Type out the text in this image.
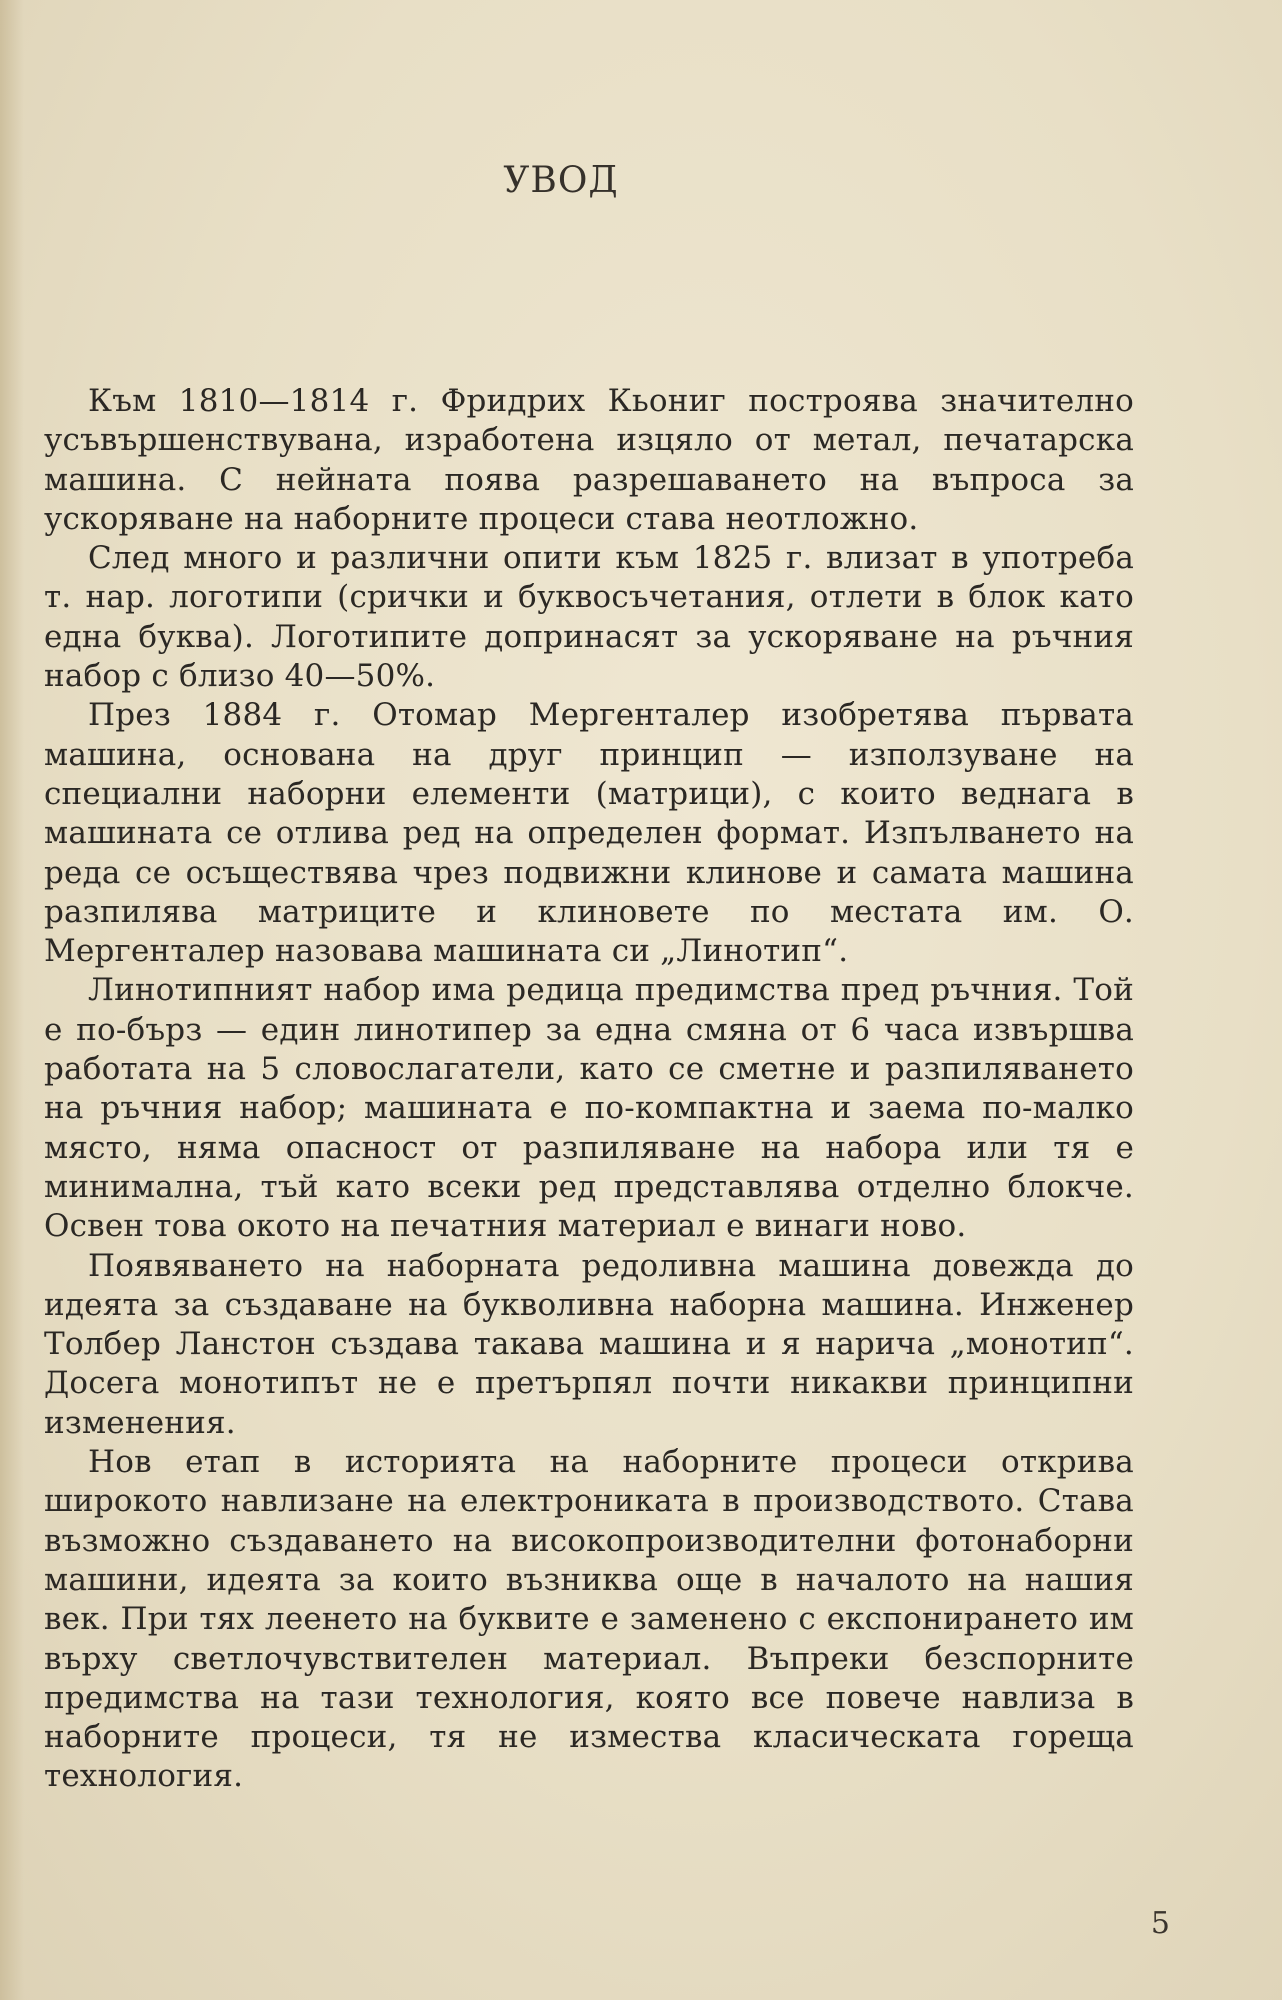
УВОД

Към 1810—1814 г. Фридрих Кьониг построява значително усъвършенствувана, изработена изцяло от метал, печатарска машина. С нейната поява разрешаването на въпроса за ускоряване на наборните процеси става неотложно.

След много и различни опити към 1825 г. влизат в употреба т. нар. логотипи (срички и буквосъчетания, отлети в блок като една буква). Логотипите допринасят за ускоряване на ръчния набор с близо 40—50%.

През 1884 г. Отомар Мергенталер изобретява първата машина, основана на друг принцип — използуване на специални наборни елементи (матрици), с които веднага в машината се отлива ред на определен формат. Изпълването на реда се осъществява чрез подвижни клинове и самата машина разпилява матриците и клиновете по местата им. О. Мергенталер назовава машината си „Линотип“.

Линотипният набор има редица предимства пред ръчния. Той е по-бърз — един линотипер за една смяна от 6 часа извършва работата на 5 словослагатели, като се сметне и разпиляването на ръчния набор; машината е по-компактна и заема по-малко място, няма опасност от разпиляване на набора или тя е минимална, тъй като всеки ред представлява отделно блокче. Освен това окото на печатния материал е винаги ново.

Появяването на наборната редоливна машина довежда до идеята за създаване на букволивна наборна машина. Инженер Толбер Ланстон създава такава машина и я нарича „монотип“. Досега монотипът не е претърпял почти никакви принципни изменения.

Нов етап в историята на наборните процеси открива широкото навлизане на електрониката в производството. Става възможно създаването на високопроизводителни фотонаборни машини, идеята за които възниква още в началото на нашия век. При тях леенето на буквите е заменено с експонирането им върху светлочувствителен материал. Въпреки безспорните предимства на тази технология, която все повече навлиза в наборните процеси, тя не измества класическата гореща технология.

5
